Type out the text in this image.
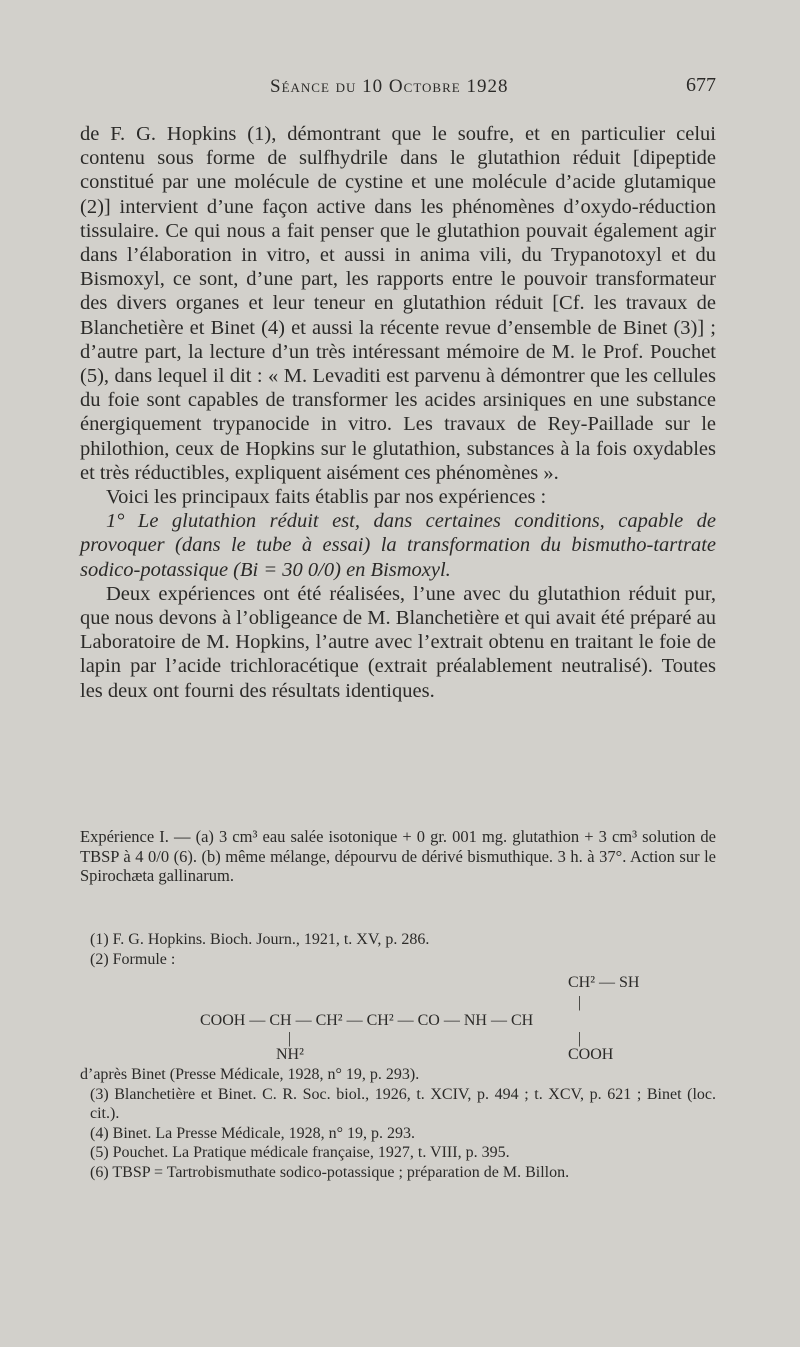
Séance du 10 Octobre 1928	677

de F. G. Hopkins (1), démontrant que le soufre, et en particulier celui contenu sous forme de sulfhydrile dans le glutathion réduit [dipeptide constitué par une molécule de cystine et une molécule d’acide glutamique (2)] intervient d’une façon active dans les phénomènes d’oxydo-réduction tissulaire. Ce qui nous a fait penser que le glutathion pouvait également agir dans l’élaboration in vitro, et aussi in anima vili, du Trypanotoxyl et du Bismoxyl, ce sont, d’une part, les rapports entre le pouvoir transformateur des divers organes et leur teneur en glutathion réduit [Cf. les travaux de Blanchetière et Binet (4) et aussi la récente revue d’ensemble de Binet (3)] ; d’autre part, la lecture d’un très intéressant mémoire de M. le Prof. Pouchet (5), dans lequel il dit : « M. Levaditi est parvenu à démontrer que les cellules du foie sont capables de transformer les acides arsiniques en une substance énergiquement trypanocide in vitro. Les travaux de Rey-Paillade sur le philothion, ceux de Hopkins sur le glutathion, substances à la fois oxydables et très réductibles, expliquent aisément ces phénomènes ».

Voici les principaux faits établis par nos expériences :

1° Le glutathion réduit est, dans certaines conditions, capable de provoquer (dans le tube à essai) la transformation du bismutho-tartrate sodico-potassique (Bi = 30 0/0) en Bismoxyl.

Deux expériences ont été réalisées, l’une avec du glutathion réduit pur, que nous devons à l’obligeance de M. Blanchetière et qui avait été préparé au Laboratoire de M. Hopkins, l’autre avec l’extrait obtenu en traitant le foie de lapin par l’acide trichloracétique (extrait préalablement neutralisé). Toutes les deux ont fourni des résultats identiques.

Expérience I. — (a) 3 cm³ eau salée isotonique + 0 gr. 001 mg. glutathion + 3 cm³ solution de TBSP à 4 0/0 (6). (b) même mélange, dépourvu de dérivé bismuthique. 3 h. à 37°. Action sur le Spirochæta gallinarum.

(1) F. G. Hopkins. Bioch. Journ., 1921, t. XV, p. 286.

(2) Formule :

CH² — SH
|
COOH — CH — CH² — CH² — CO — NH — CH
|	|
NH²	COOH

d’après Binet (Presse Médicale, 1928, n° 19, p. 293).

(3) Blanchetière et Binet. C. R. Soc. biol., 1926, t. XCIV, p. 494 ; t. XCV, p. 621 ; Binet (loc. cit.).

(4) Binet. La Presse Médicale, 1928, n° 19, p. 293.

(5) Pouchet. La Pratique médicale française, 1927, t. VIII, p. 395.

(6) TBSP = Tartrobismuthate sodico-potassique ; préparation de M. Billon.
